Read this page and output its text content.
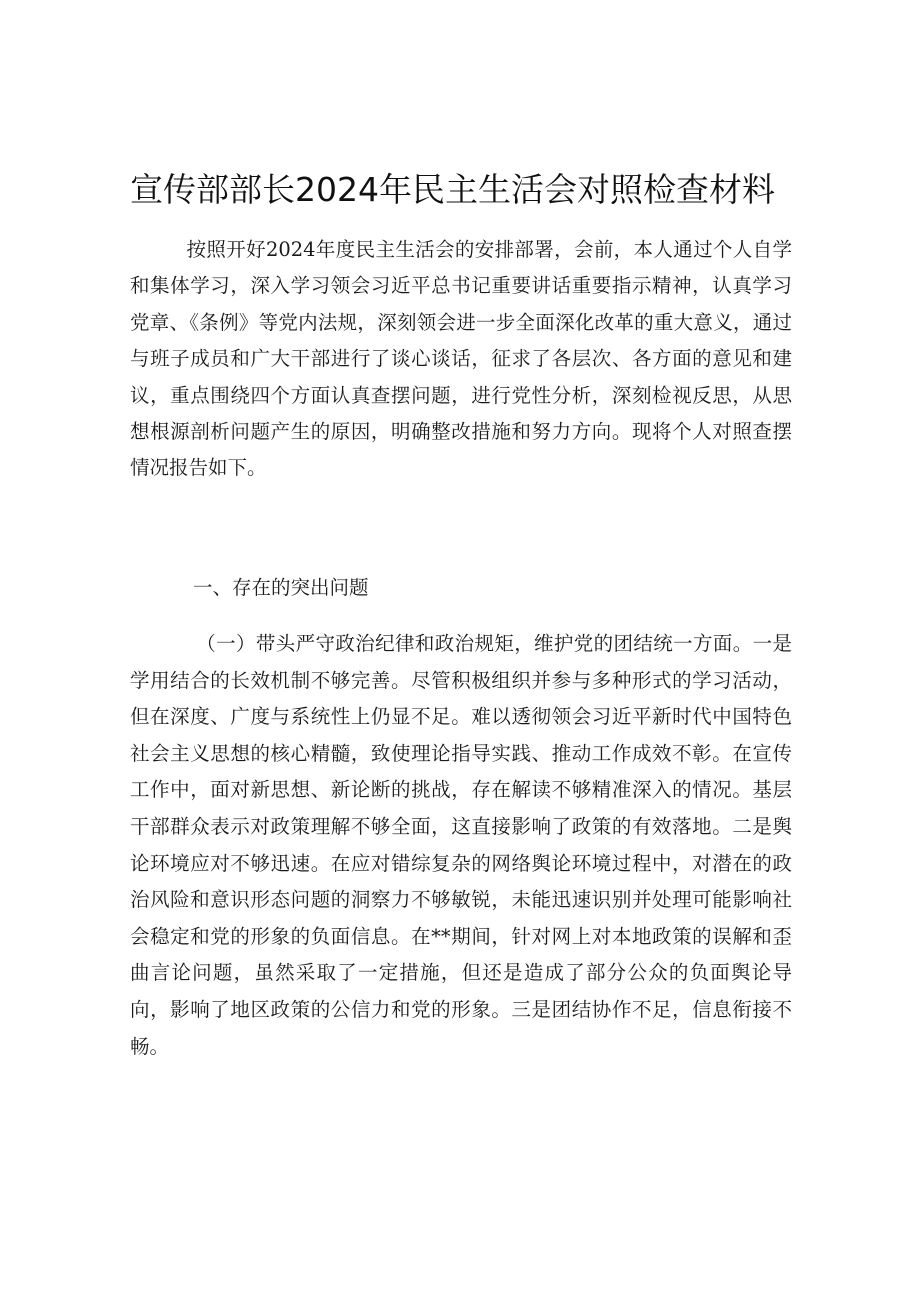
宣传部部长2024年民主生活会对照检查材料

按照开好2024年度民主生活会的安排部署，会前，本人通过个人自学和集体学习，深入学习领会习近平总书记重要讲话重要指示精神，认真学习党章、《条例》等党内法规，深刻领会进一步全面深化改革的重大意义，通过与班子成员和广大干部进行了谈心谈话，征求了各层次、各方面的意见和建议，重点围绕四个方面认真查摆问题，进行党性分析，深刻检视反思，从思想根源剖析问题产生的原因，明确整改措施和努力方向。现将个人对照查摆情况报告如下。

一、存在的突出问题

（一）带头严守政治纪律和政治规矩，维护党的团结统一方面。一是学用结合的长效机制不够完善。尽管积极组织并参与多种形式的学习活动，但在深度、广度与系统性上仍显不足。难以透彻领会习近平新时代中国特色社会主义思想的核心精髓，致使理论指导实践、推动工作成效不彰。在宣传工作中，面对新思想、新论断的挑战，存在解读不够精准深入的情况。基层干部群众表示对政策理解不够全面，这直接影响了政策的有效落地。二是舆论环境应对不够迅速。在应对错综复杂的网络舆论环境过程中，对潜在的政治风险和意识形态问题的洞察力不够敏锐，未能迅速识别并处理可能影响社会稳定和党的形象的负面信息。在**期间，针对网上对本地政策的误解和歪曲言论问题，虽然采取了一定措施，但还是造成了部分公众的负面舆论导向，影响了地区政策的公信力和党的形象。三是团结协作不足，信息衔接不畅。
